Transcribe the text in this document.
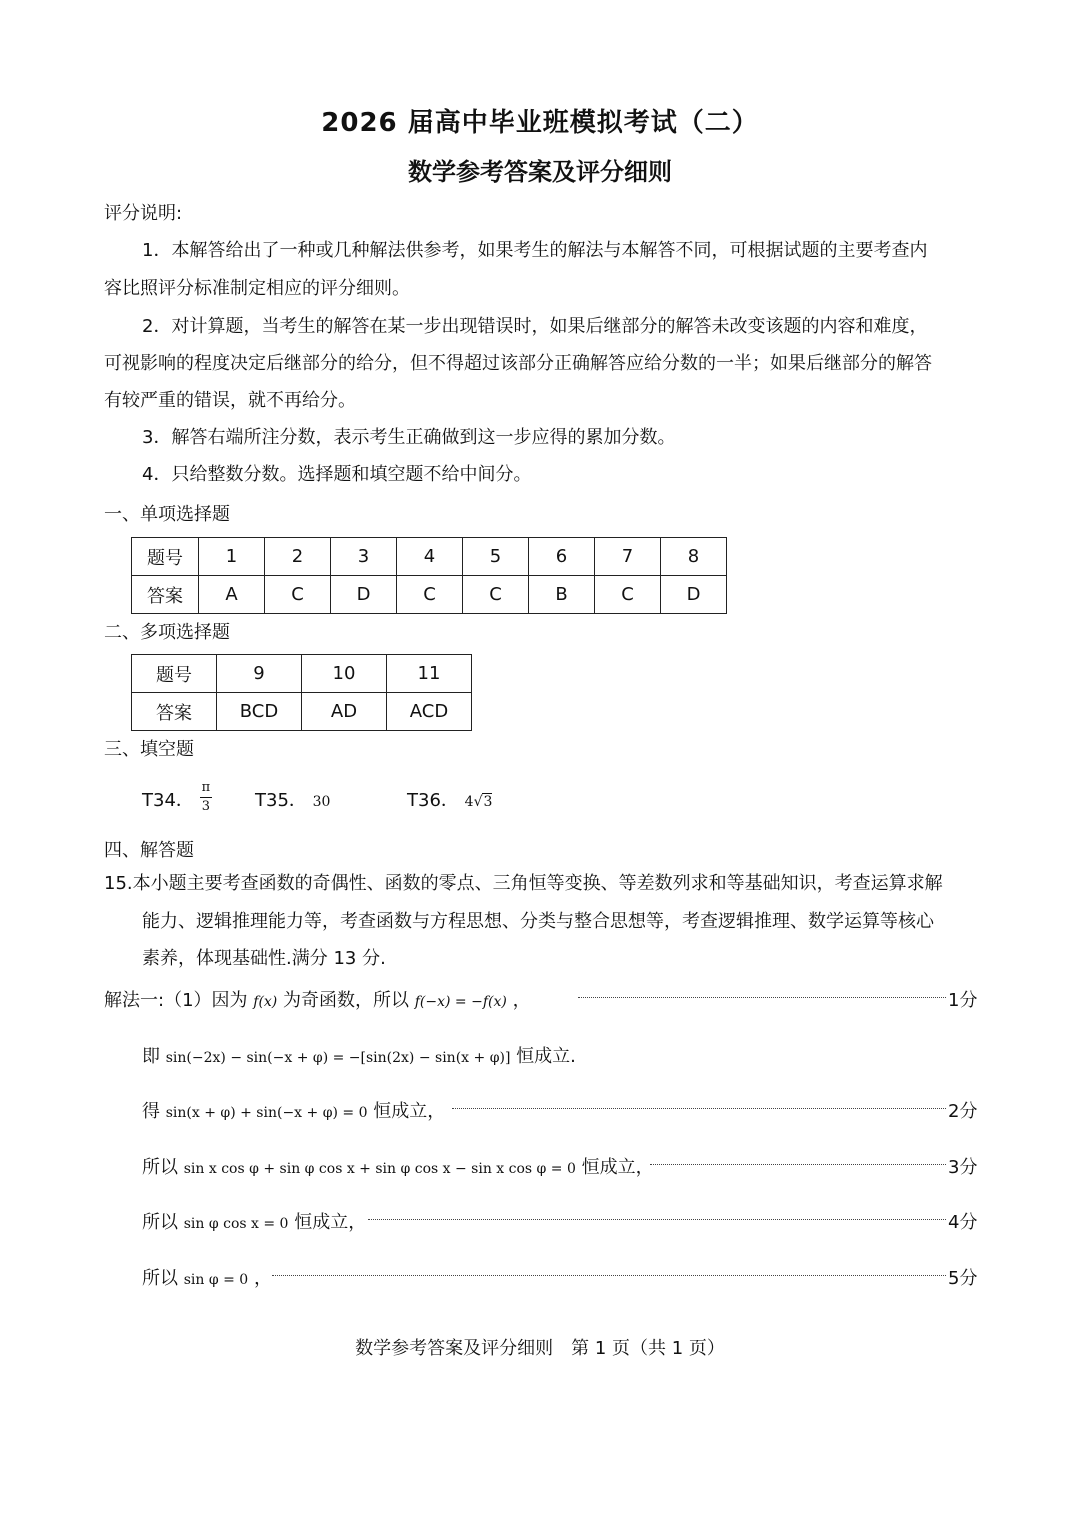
2026 届高中毕业班模拟考试（二）
数学参考答案及评分细则
评分说明:
1．本解答给出了一种或几种解法供参考，如果考生的解法与本解答不同，可根据试题的主要考查内
容比照评分标准制定相应的评分细则。
2．对计算题，当考生的解答在某一步出现错误时，如果后继部分的解答未改变该题的内容和难度，
可视影响的程度决定后继部分的给分，但不得超过该部分正确解答应给分数的一半；如果后继部分的解答
有较严重的错误，就不再给分。
3．解答右端所注分数，表示考生正确做到这一步应得的累加分数。
4．只给整数分数。选择题和填空题不给中间分。
一、单项选择题
题号	1	2	3	4	5	6	7	8
答案	A	C	D	C	C	B	C	D
二、多项选择题
题号	9	10	11
答案	BCD	AD	ACD
三、填空题
T34． $\frac{\pi}{3} T35$． 30	T36． 4√3
四、解答题
15.本小题主要考查函数的奇偶性、函数的零点、三角恒等变换、等差数列求和等基础知识，考查运算求解
能力、逻辑推理能力等，考查函数与方程思想、分类与整合思想等，考查逻辑推理、数学运算等核心
素养，体现基础性.满分 13 分.
解法一:（1）因为 f(x) 为奇函数，所以 f(−x) = −f(x) ，	1分
即 sin(−2x) − sin(−x + φ) = −[sin(2x) − sin(x + φ)] 恒成立.
得 sin(x + φ) + sin(−x + φ) = 0 恒成立，	2分
所以 sin x cos φ + sin φ cos x + sin φ cos x − sin x cos φ = 0 恒成立，	3分
所以 sin φ cos x = 0 恒成立，	4分
所以 sin φ = 0 ，	5分
数学参考答案及评分细则　第 1 页（共 1 页）
